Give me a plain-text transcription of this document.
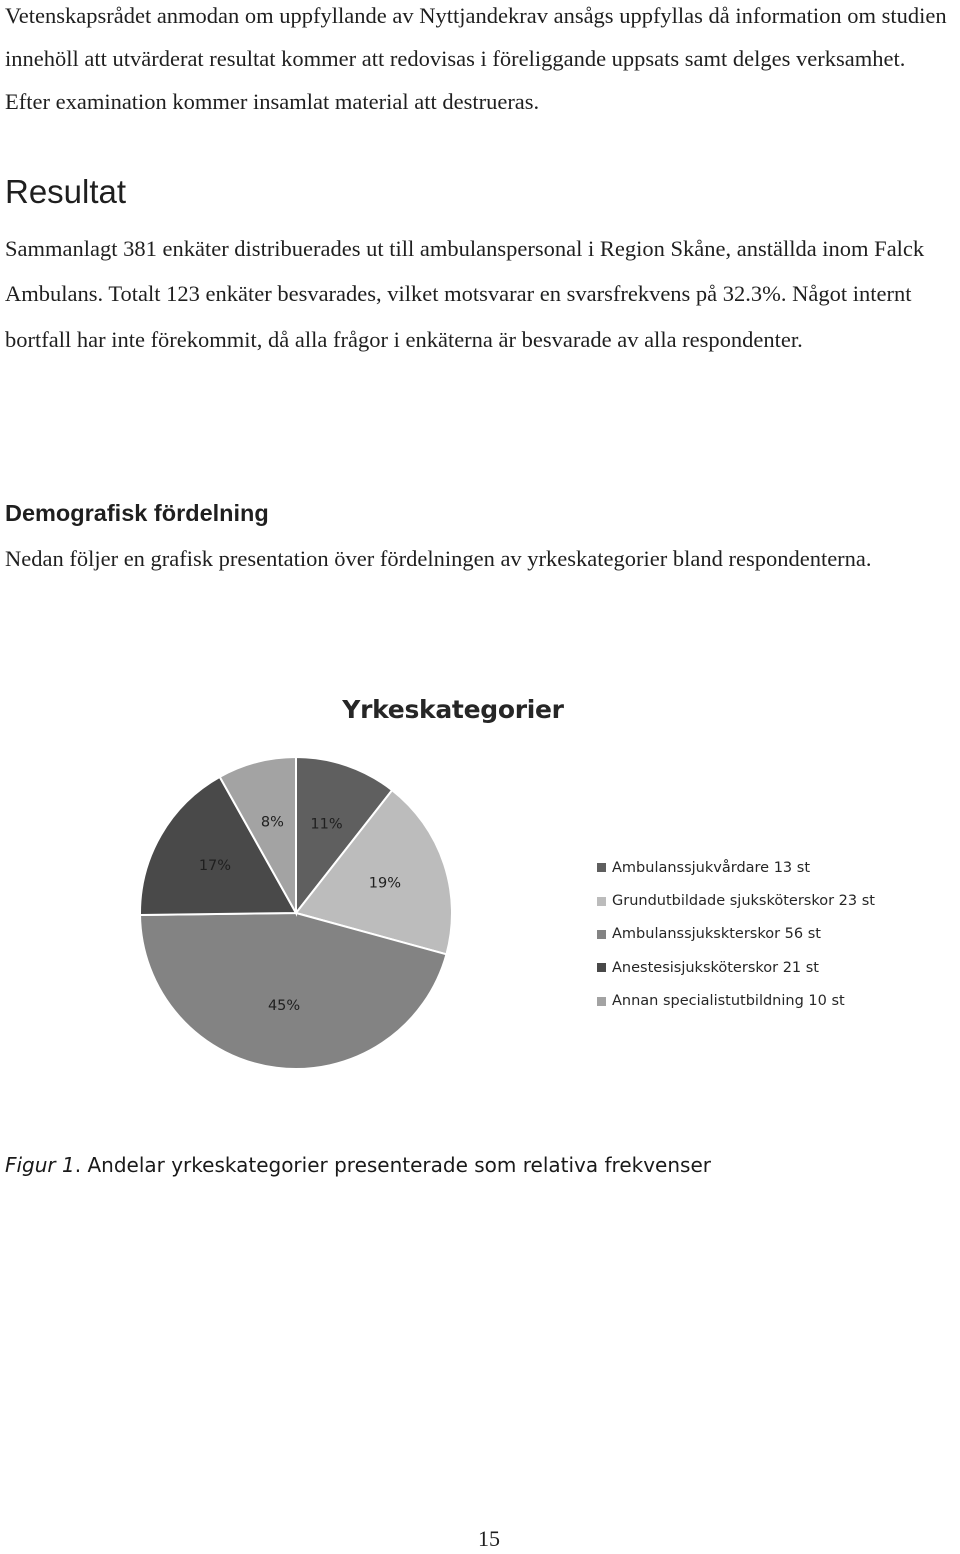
Vetenskapsrådet anmodan om uppfyllande av Nyttjandekrav ansågs uppfyllas då information om studien innehöll att utvärderat resultat kommer att redovisas i föreliggande uppsats samt delges verksamhet. Efter examination kommer insamlat material att destrueras.

Resultat

Sammanlagt 381 enkäter distribuerades ut till ambulanspersonal i Region Skåne, anställda inom Falck Ambulans. Totalt 123 enkäter besvarades, vilket motsvarar en svarsfrekvens på 32.3%. Något internt bortfall har inte förekommit, då alla frågor i enkäterna är besvarade av alla respondenter.

Demografisk fördelning

Nedan följer en grafisk presentation över fördelningen av yrkeskategorier bland respondenterna.

11%
19%
45%
17%
8%
Yrkeskategorier
Ambulanssjukvårdare 13 st
Grundutbildade sjuksköterskor 23 st
Ambulanssjukskterskor 56 st
Anestesisjuksköterskor 21 st
Annan specialistutbildning 10 st

Figur 1. Andelar yrkeskategorier presenterade som relativa frekvenser

15
